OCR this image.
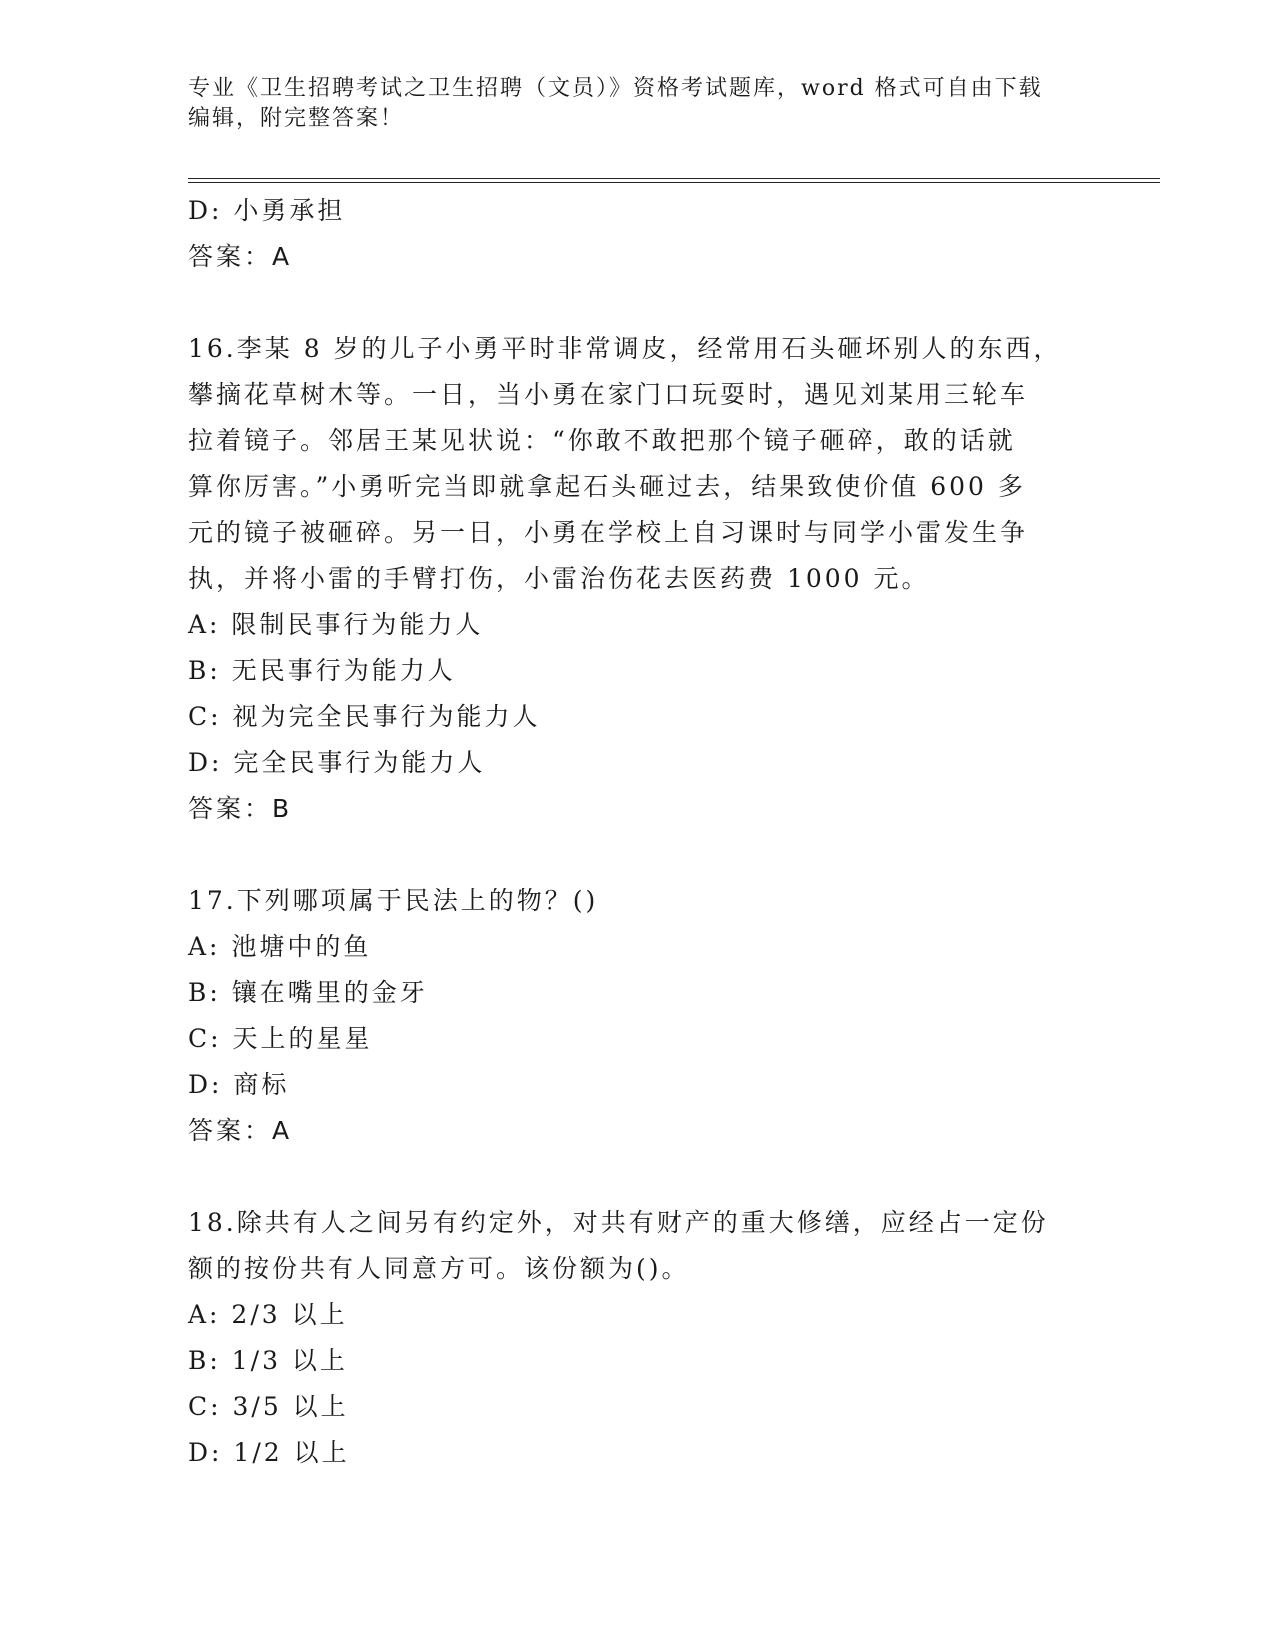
专业《卫生招聘考试之卫生招聘（文员）》资格考试题库，word 格式可自由下载
编辑，附完整答案！
D: 小勇承担
答案：A
16.李某 8 岁的儿子小勇平时非常调皮，经常用石头砸坏别人的东西，
攀摘花草树木等。一日，当小勇在家门口玩耍时，遇见刘某用三轮车
拉着镜子。邻居王某见状说：“你敢不敢把那个镜子砸碎，敢的话就
算你厉害。”小勇听完当即就拿起石头砸过去，结果致使价值 600 多
元的镜子被砸碎。另一日，小勇在学校上自习课时与同学小雷发生争
执，并将小雷的手臂打伤，小雷治伤花去医药费 1000 元。
A: 限制民事行为能力人
B: 无民事行为能力人
C: 视为完全民事行为能力人
D: 完全民事行为能力人
答案：B
17.下列哪项属于民法上的物？()
A: 池塘中的鱼
B: 镶在嘴里的金牙
C: 天上的星星
D: 商标
答案：A
18.除共有人之间另有约定外，对共有财产的重大修缮，应经占一定份
额的按份共有人同意方可。该份额为()。
A: 2/3 以上
B: 1/3 以上
C: 3/5 以上
D: 1/2 以上
